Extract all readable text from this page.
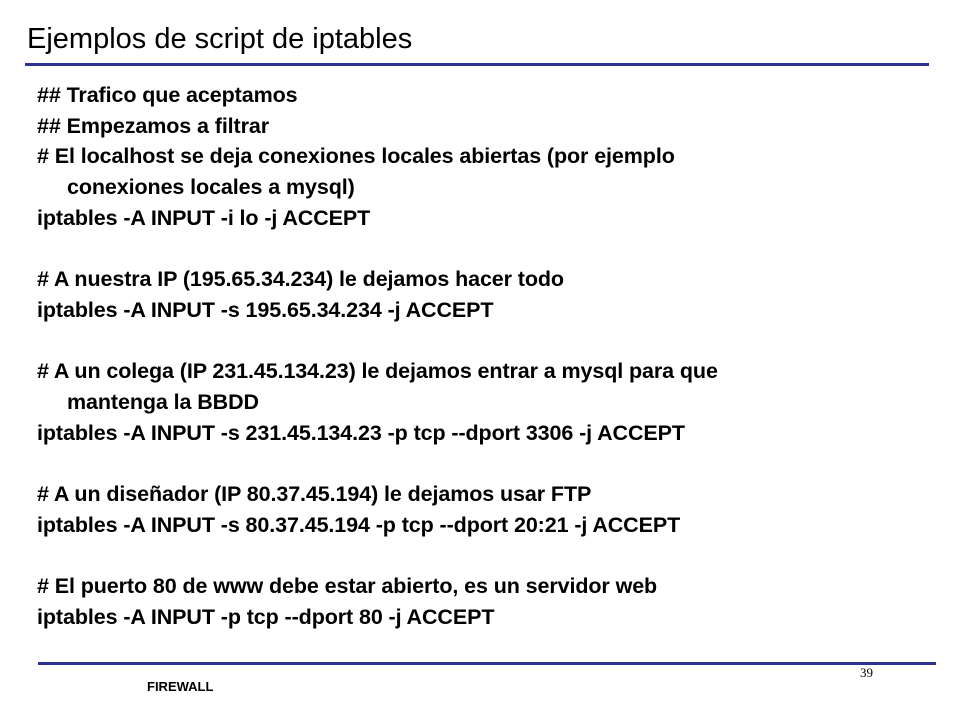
Ejemplos de script de iptables
## Trafico que aceptamos
## Empezamos a filtrar
# El localhost se deja conexiones locales abiertas (por ejemplo
conexiones locales a mysql)
iptables -A INPUT -i lo -j ACCEPT
# A nuestra IP (195.65.34.234) le dejamos hacer todo
iptables -A INPUT -s 195.65.34.234 -j ACCEPT
# A un colega (IP 231.45.134.23) le dejamos entrar a mysql para que
mantenga la BBDD
iptables -A INPUT -s 231.45.134.23 -p tcp --dport 3306 -j ACCEPT
# A un diseñador (IP 80.37.45.194) le dejamos usar FTP
iptables -A INPUT -s 80.37.45.194 -p tcp --dport 20:21 -j ACCEPT
# El puerto 80 de www debe estar abierto, es un servidor web
iptables -A INPUT -p tcp --dport 80 -j ACCEPT
39
FIREWALL
